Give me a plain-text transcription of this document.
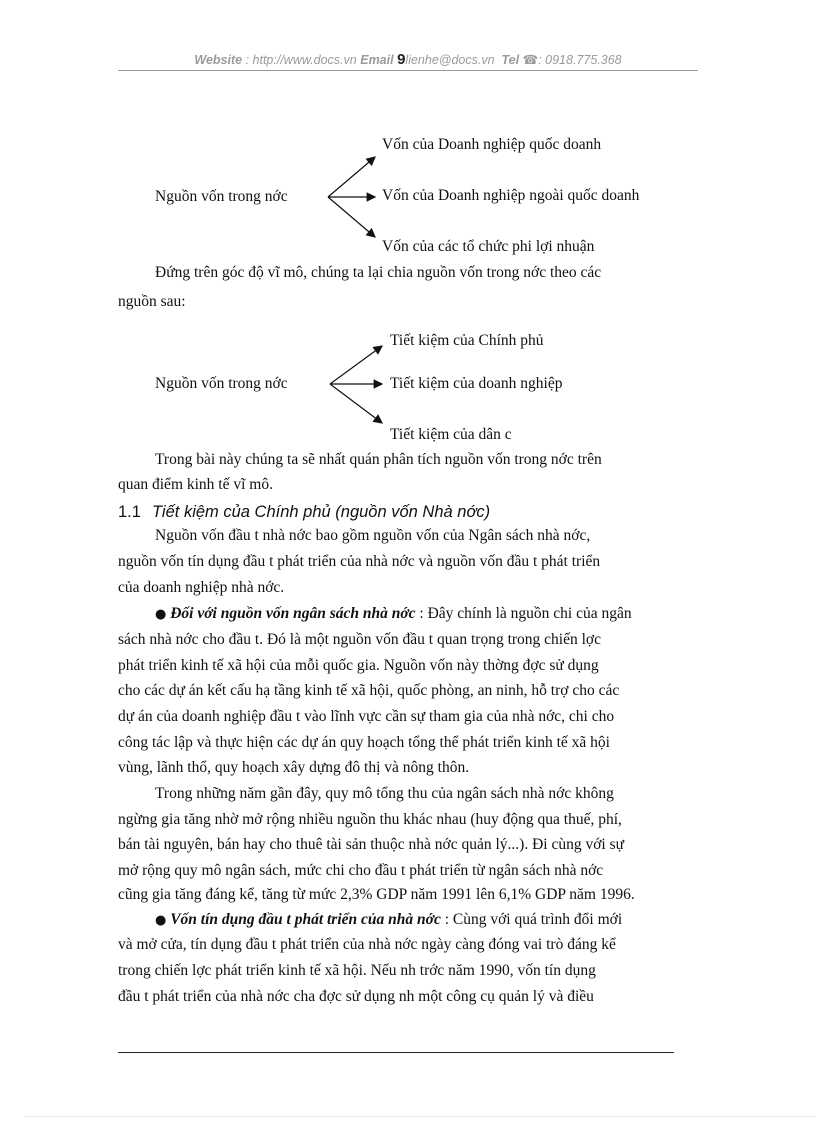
Website : http://www.docs.vn Email 9lienhe@docs.vn Tel ☎: 0918.775.368
Nguồn vốn trong nớc
Vốn của Doanh nghiệp quốc doanh
Vốn của Doanh nghiệp ngoài quốc doanh
Vốn của các tổ chức phi lợi nhuận
Đứng trên góc độ vĩ mô, chúng ta lại chia nguồn vốn trong nớc theo các
nguồn sau:
Nguồn vốn trong nớc
Tiết kiệm của Chính phủ
Tiết kiệm của doanh nghiệp
Tiết kiệm của dân c
Trong bài này chúng ta sẽ nhất quán phân tích nguồn vốn trong nớc trên
quan điểm kinh tế vĩ mô.
1.1 Tiết kiệm của Chính phủ (nguồn vốn Nhà nớc)
Nguồn vốn đầu t nhà nớc bao gồm nguồn vốn của Ngân sách nhà nớc,
nguồn vốn tín dụng đầu t phát triển của nhà nớc và nguồn vốn đầu t phát triển
của doanh nghiệp nhà nớc.
● Đối với nguồn vốn ngân sách nhà nớc : Đây chính là nguồn chi của ngân
sách nhà nớc cho đầu t. Đó là một nguồn vốn đầu t quan trọng trong chiến lợc
phát triển kinh tế xã hội của mỗi quốc gia. Nguồn vốn này thờng đợc sử dụng
cho các dự án kết cấu hạ tầng kinh tế xã hội, quốc phòng, an ninh, hỗ trợ cho các
dự án của doanh nghiệp đầu t vào lĩnh vực cần sự tham gia của nhà nớc, chi cho
công tác lập và thực hiện các dự án quy hoạch tổng thể phát triển kinh tế xã hội
vùng, lãnh thổ, quy hoạch xây dựng đô thị và nông thôn.
Trong những năm gần đây, quy mô tổng thu của ngân sách nhà nớc không
ngừng gia tăng nhờ mở rộng nhiều nguồn thu khác nhau (huy động qua thuế, phí,
bán tài nguyên, bán hay cho thuê tài sản thuộc nhà nớc quản lý...). Đi cùng với sự
mở rộng quy mô ngân sách, mức chi cho đầu t phát triển từ ngân sách nhà nớc
cũng gia tăng đáng kể, tăng từ mức 2,3% GDP năm 1991 lên 6,1% GDP năm 1996.
● Vốn tín dụng đầu t phát triển của nhà nớc : Cùng với quá trình đổi mới
và mở cửa, tín dụng đầu t phát triển của nhà nớc ngày càng đóng vai trò đáng kể
trong chiến lợc phát triển kinh tế xã hội. Nếu nh trớc năm 1990, vốn tín dụng
đầu t phát triển của nhà nớc cha đợc sử dụng nh một công cụ quản lý và điều
